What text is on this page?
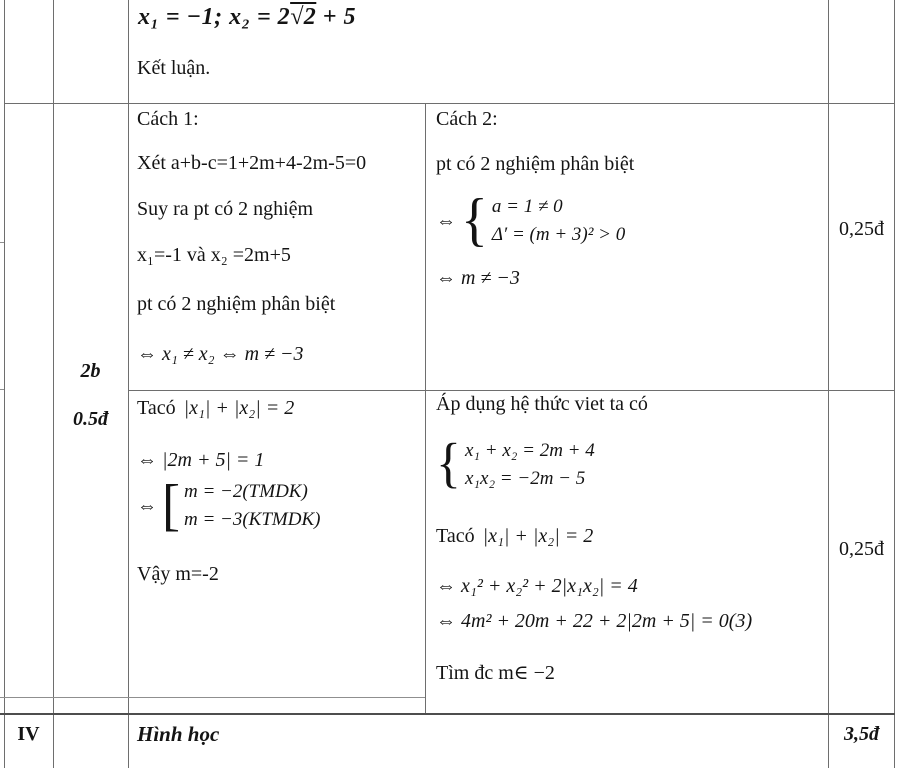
x₁ = −1; x₂ = 2√2 + 5
Kết luận.
2b
0.5đ
Cách 1:
Xét a+b-c=1+2m+4-2m-5=0
Suy ra pt có 2 nghiệm
x₁=-1 và x₂ =2m+5
pt có 2 nghiệm phân biệt
⇔ x₁ ≠ x₂ ⇔ m ≠ −3
Cách 2:
pt có 2 nghiệm phân biệt
⇔ { a = 1 ≠ 0
Δ′ = (m + 3)² > 0
⇔ m ≠ −3
0,25đ
Tacó |x₁| + |x₂| = 2
⇔ |2m + 5| = 1
⇔ [ m = −2(TMDK)
m = −3(KTMDK)
Vậy m=-2
Áp dụng hệ thức viet ta có
{ x₁ + x₂ = 2m + 4
x₁x₂ = −2m − 5
Tacó |x₁| + |x₂| = 2
⇔ x₁² + x₂² + 2|x₁x₂| = 4
⇔ 4m² + 20m + 22 + 2|2m + 5| = 0(3)
Tìm đc m∈ −2
0,25đ
IV	Hình học	3,5đ
